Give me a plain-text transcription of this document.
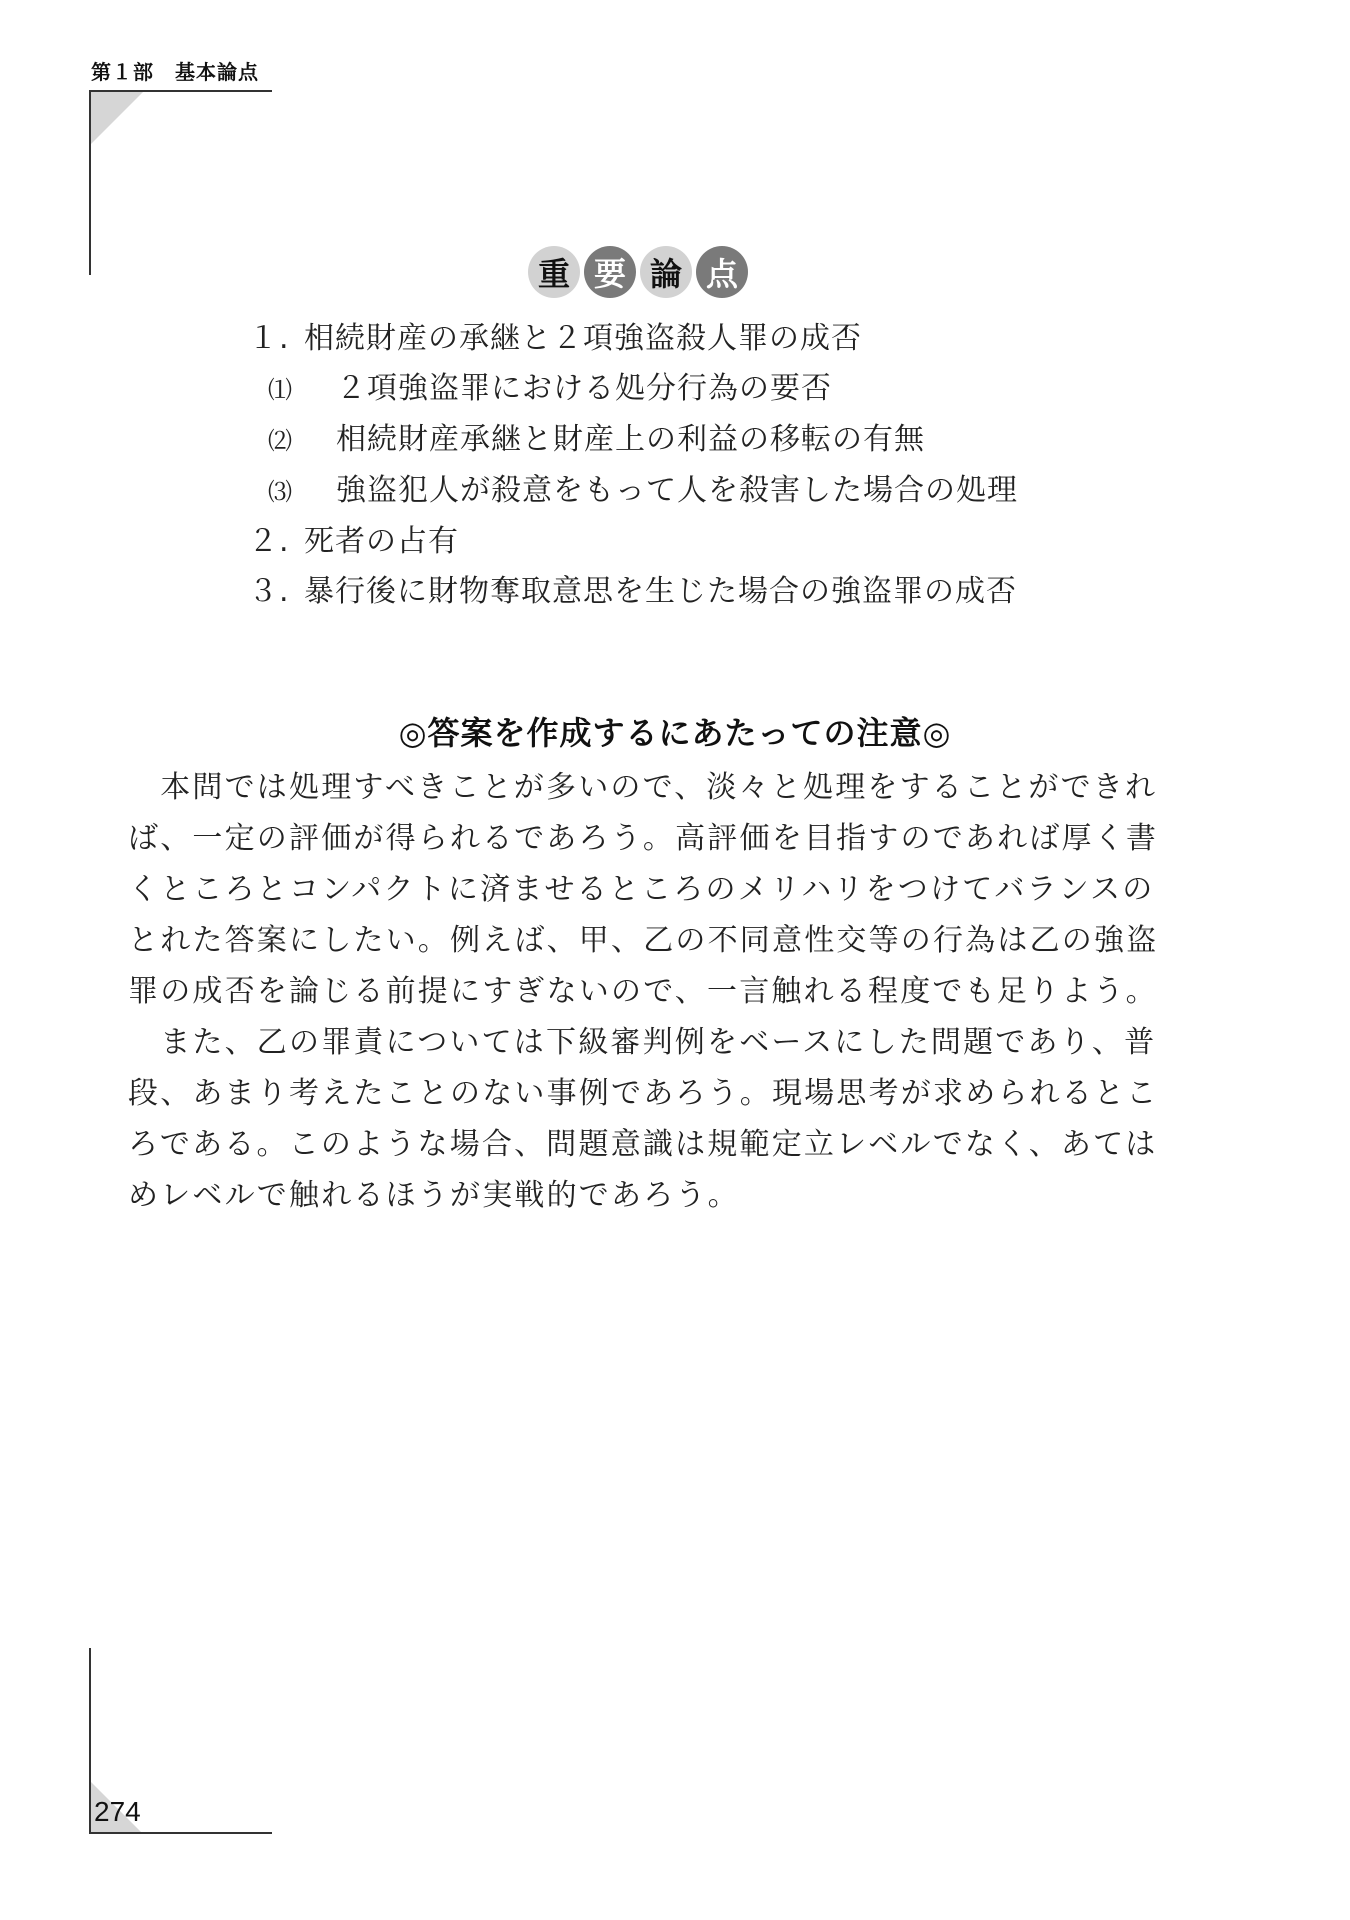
第１部　基本論点
重 要 論 点
１. 相続財産の承継と２項強盗殺人罪の成否
⑴ ２項強盗罪における処分行為の要否
⑵ 相続財産承継と財産上の利益の移転の有無
⑶ 強盗犯人が殺意をもって人を殺害した場合の処理
２. 死者の占有
３. 暴行後に財物奪取意思を生じた場合の強盗罪の成否
◎答案を作成するにあたっての注意◎
　本問では処理すべきことが多いので、淡々と処理をすることができれ
ば、一定の評価が得られるであろう。高評価を目指すのであれば厚く書
くところとコンパクトに済ませるところのメリハリをつけてバランスの
とれた答案にしたい。例えば、甲、乙の不同意性交等の行為は乙の強盗
罪の成否を論じる前提にすぎないので、一言触れる程度でも足りよう。
　また、乙の罪責については下級審判例をベースにした問題であり、普
段、あまり考えたことのない事例であろう。現場思考が求められるとこ
ろである。このような場合、問題意識は規範定立レベルでなく、あては
めレベルで触れるほうが実戦的であろう。
274
